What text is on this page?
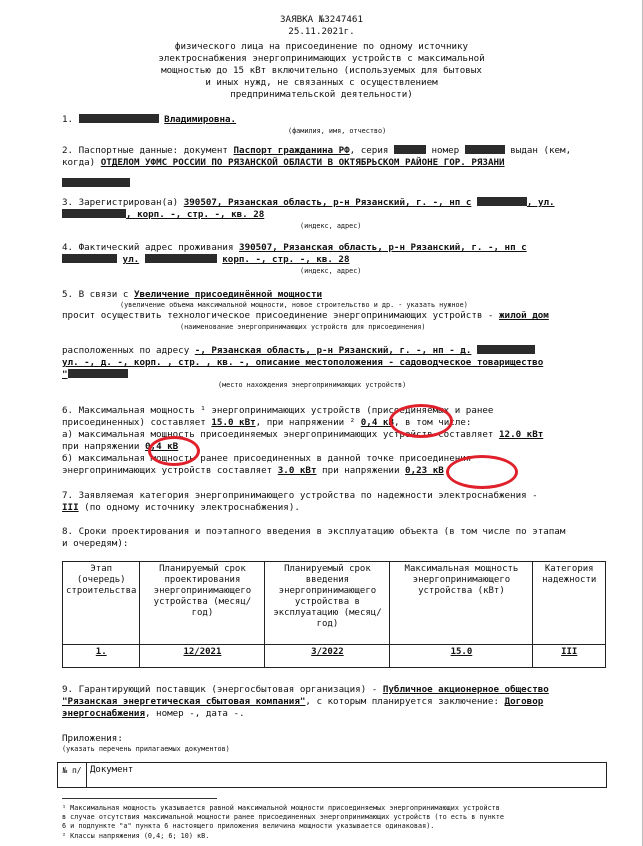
ЗАЯВКА №3247461
25.11.2021г.
физического лица на присоединение по одному источнику
электроснабжения энергопринимающих устройств с максимальной
мощностью до 15 кВт включительно (используемых для бытовых
и иных нужд, не связанных с осуществлением
предпринимательской деятельности)
1.	Владимировна.
(фамилия, имя, отчество)
2. Паспортные данные: документ Паспорт гражданина РФ, серия	номер	выдан (кем,
когда) ОТДЕЛОМ УФМС РОССИИ ПО РЯЗАНСКОЙ ОБЛАСТИ В ОКТЯБРЬСКОМ РАЙОНЕ ГОР. РЯЗАНИ
3. Зарегистрирован(а) 390507, Рязанская область, р-н Рязанский, г. -, нп с	, ул.
, корп. -, стр. -, кв. 28
(индекс, адрес)
4. Фактический адрес проживания 390507, Рязанская область, р-н Рязанский, г. -, нп с
ул.	корп. -, стр. -, кв. 28
(индекс, адрес)
5. В связи с Увеличение присоединённой мощности
(увеличение объема максимальной мощности, новое строительство и др. - указать нужное)
просит осуществить технологическое присоединение энергопринимающих устройств - жилой дом
(наименование энергопринимающих устройств для присоединения)
расположенных по адресу -, Рязанская область, р-н Рязанский, г. -, нп - д.
ул. -, д. -, корп. , стр. , кв. -, описание местоположения - садоводческое товарищество
"
(место нахождения энергопринимающих устройств)
6. Максимальная мощность ¹ энергопринимающих устройств (присоединяемых и ранее
присоединенных) составляет 15.0 кВт, при напряжении ² 0,4 кВ, в том числе:
а) максимальная мощность присоединяемых энергопринимающих устройств составляет 12.0 кВт
при напряжении 0,4 кВ
б) максимальная мощность ранее присоединенных в данной точке присоединения
энергопринимающих устройств составляет 3.0 кВт при напряжении 0,23 кВ
7. Заявляемая категория энергопринимающего устройства по надежности электроснабжения -
III (по одному источнику электроснабжения).
8. Сроки проектирования и поэтапного введения в эксплуатацию объекта (в том числе по этапам
и очередям):
Этап (очередь) строительства	Планируемый срок проектирования энергопринимающего устройства (месяц/ год)	Планируемый срок введения энергопринимающего устройства в эксплуатацию (месяц/ год)	Максимальная мощность энергопринимающего устройства (кВт)	Категория надежности
1.	12/2021	3/2022	15.0	III
9. Гарантирующий поставщик (энергосбытовая организация) - Публичное акционерное общество
"Рязанская энергетическая сбытовая компания", с которым планируется заключение: Договор
энергоснабжения, номер -, дата -.
Приложения:
(указать перечень прилагаемых документов)
№ п/	Документ
¹ Максимальная мощность указывается равной максимальной мощности присоединяемых энергопринимающих устройств
в случае отсутствия максимальной мощности ранее присоединенных энергопринимающих устройств (то есть в пункте
6 и подпункте "а" пункта 6 настоящего приложения величина мощности указывается одинаковая).
² Классы напряжения (0,4; 6; 10) кВ.
